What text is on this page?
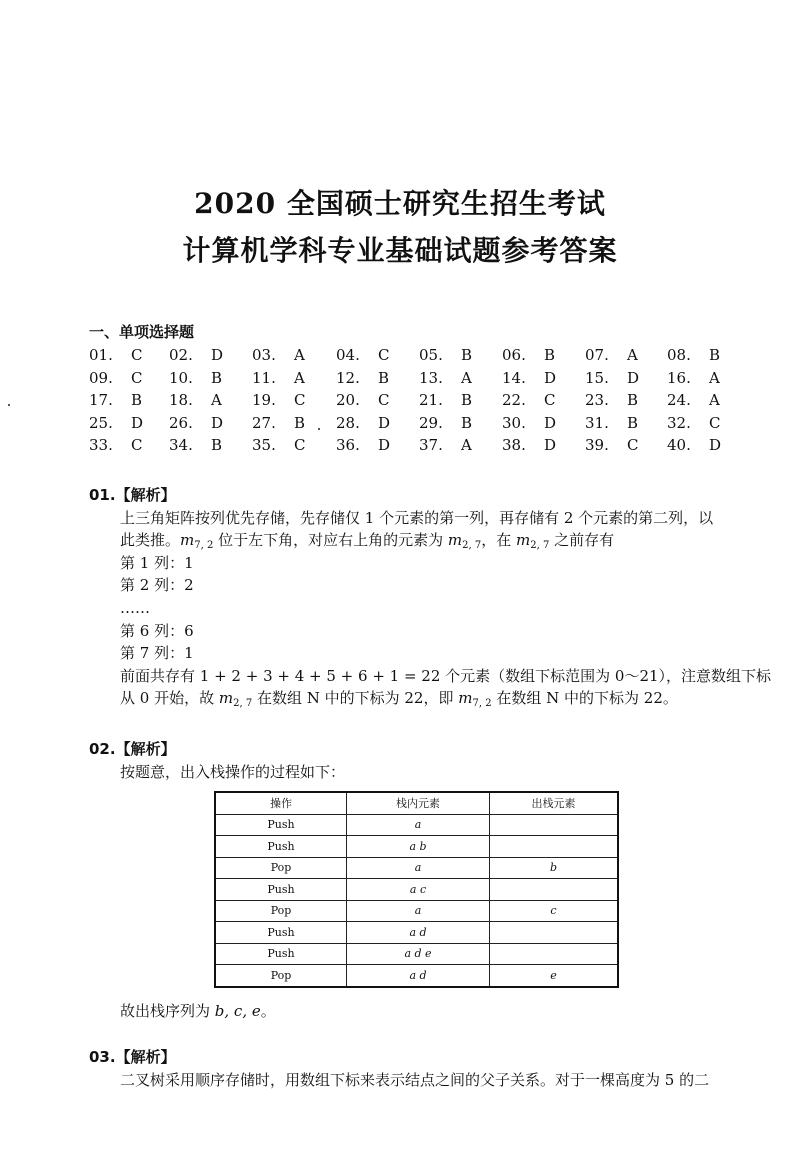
2020 全国硕士研究生招生考试
计算机学科专业基础试题参考答案
一、单项选择题
01. C 02. D 03. A 04. C 05. B 06. B 07. A 08. B
09. C 10. B 11. A 12. B 13. A 14. D 15. D 16. A
17. B 18. A 19. C 20. C 21. B 22. C 23. B 24. A
25. D 26. D 27. B 28. D 29. B 30. D 31. B 32. C
33. C 34. B 35. C 36. D 37. A 38. D 39. C 40. D
01.【解析】
上三角矩阵按列优先存储，先存储仅 1 个元素的第一列，再存储有 2 个元素的第二列，以
此类推。$m_{7, 2}$ 位于左下角，对应右上角的元素为 $m_{2, 7}$，在 $m_{2, 7}$ 之前存有
第 1 列：1
第 2 列：2
……
第 6 列：6
第 7 列：1
前面共存有 1 + 2 + 3 + 4 + 5 + 6 + 1 = 22 个元素（数组下标范围为 0～21），注意数组下标
从 0 开始，故 $m_{2, 7}$ 在数组 N 中的下标为 22，即 $m_{7, 2}$ 在数组 N 中的下标为 22。
02.【解析】
按题意，出入栈操作的过程如下：
操作	栈内元素	出栈元素
Push	a	
Push	a b	
Pop	a	b
Push	a c	
Pop	a	c
Push	a d	
Push	a d e	
Pop	a d	e
故出栈序列为 b, c, e。
03.【解析】
二叉树采用顺序存储时，用数组下标来表示结点之间的父子关系。对于一棵高度为 5 的二
